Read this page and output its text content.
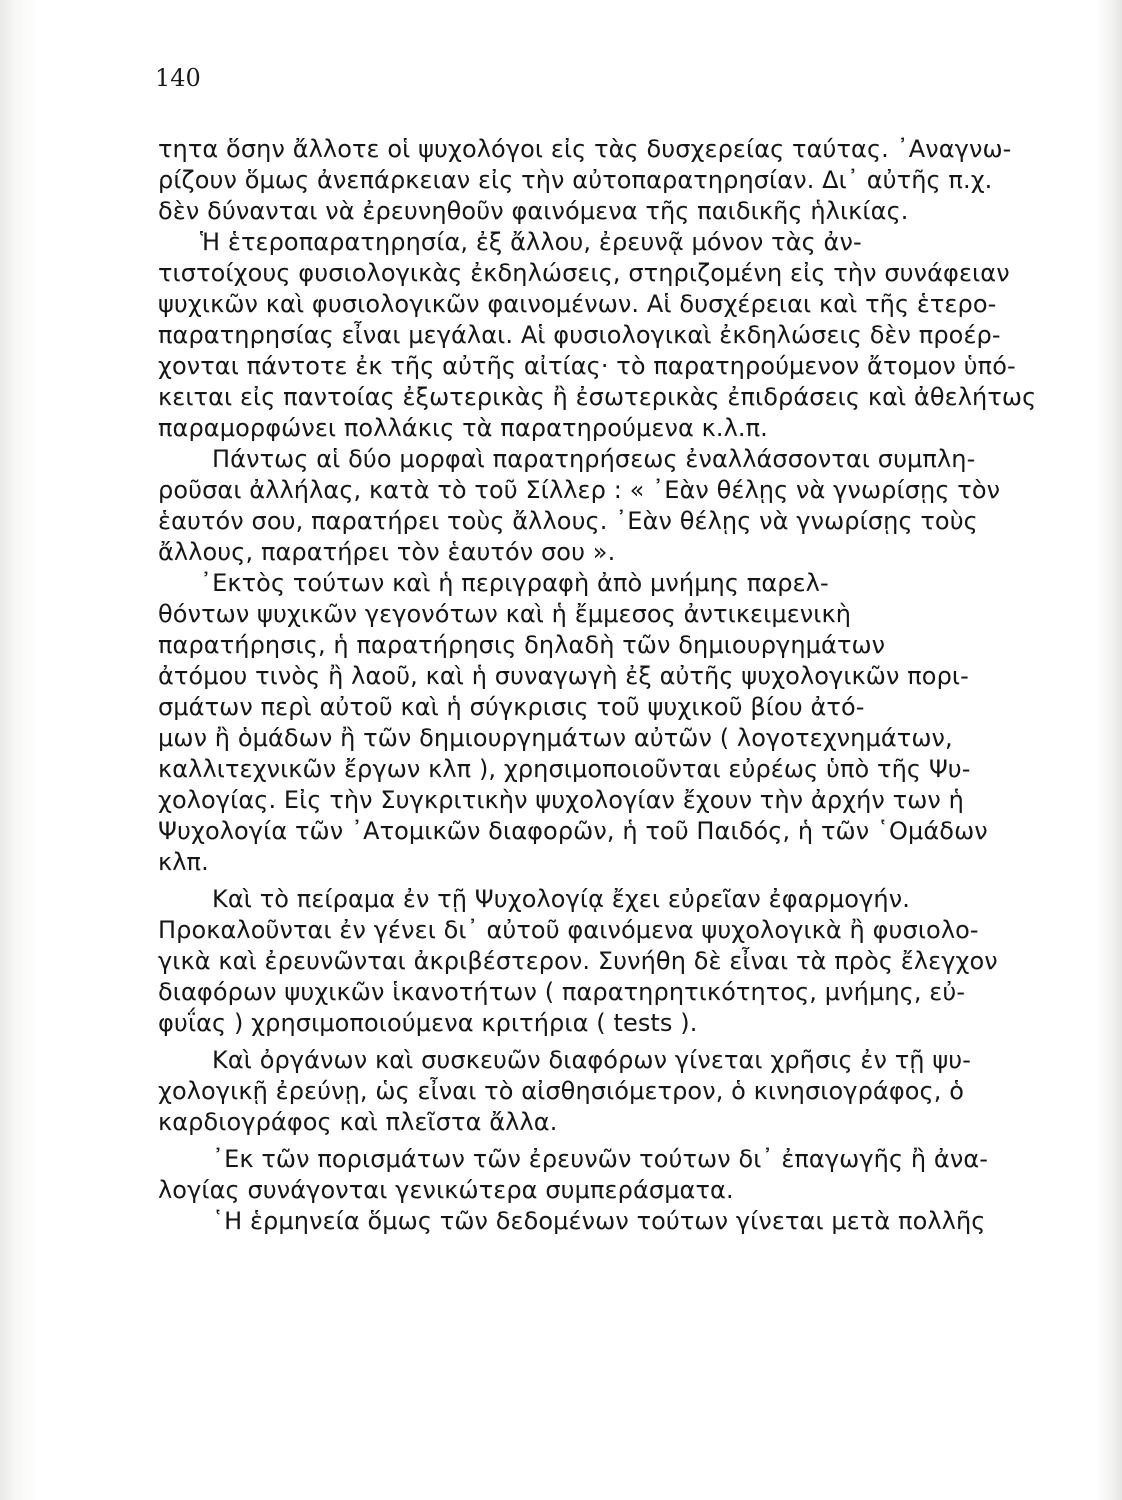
140
τητα ὅσην ἄλλοτε οἱ ψυχολόγοι εἰς τὰς δυσχερείας ταύτας. ᾿Αναγνω-
ρίζουν ὅμως ἀνεπάρκειαν εἰς τὴν αὐτοπαρατηρησίαν. Δι᾿ αὐτῆς π.χ.
δὲν δύνανται νὰ ἐρευνηθοῦν φαινόμενα τῆς παιδικῆς ἡλικίας.
Ἡ ἑτεροπαρατηρησία, ἐξ ἄλλου, ἐρευνᾷ μόνον τὰς ἀν-
τιστοίχους φυσιολογικὰς ἐκδηλώσεις, στηριζομένη εἰς τὴν συνάφειαν
ψυχικῶν καὶ φυσιολογικῶν φαινομένων. Αἱ δυσχέρειαι καὶ τῆς ἑτερο-
παρατηρησίας εἶναι μεγάλαι. Αἱ φυσιολογικαὶ ἐκδηλώσεις δὲν προέρ-
χονται πάντοτε ἐκ τῆς αὐτῆς αἰτίας· τὸ παρατηρούμενον ἄτομον ὑπό-
κειται εἰς παντοίας ἐξωτερικὰς ἢ ἐσωτερικὰς ἐπιδράσεις καὶ ἀθελήτως
παραμορφώνει πολλάκις τὰ παρατηρούμενα κ.λ.π.
Πάντως αἱ δύο μορφαὶ παρατηρήσεως ἐναλλάσσονται συμπλη-
ροῦσαι ἀλλήλας, κατὰ τὸ τοῦ Σίλλερ : « ᾿Εὰν θέλῃς νὰ γνωρίσῃς τὸν
ἑαυτόν σου, παρατήρει τοὺς ἄλλους. ᾿Εὰν θέλῃς νὰ γνωρίσῃς τοὺς
ἄλλους, παρατήρει τὸν ἑαυτόν σου ».
᾿Εκτὸς τούτων καὶ ἡ περιγραφὴ ἀπὸ μνήμης παρελ-
θόντων ψυχικῶν γεγονότων καὶ ἡ ἔμμεσος ἀντικειμενικὴ
παρατήρησις, ἡ παρατήρησις δηλαδὴ τῶν δημιουργημάτων
ἀτόμου τινὸς ἢ λαοῦ, καὶ ἡ συναγωγὴ ἐξ αὐτῆς ψυχολογικῶν πορι-
σμάτων περὶ αὐτοῦ καὶ ἡ σύγκρισις τοῦ ψυχικοῦ βίου ἀτό-
μων ἢ ὁμάδων ἢ τῶν δημιουργημάτων αὐτῶν ( λογοτεχνημάτων,
καλλιτεχνικῶν ἔργων κλπ ), χρησιμοποιοῦνται εὐρέως ὑπὸ τῆς Ψυ-
χολογίας. Εἰς τὴν Συγκριτικὴν ψυχολογίαν ἔχουν τὴν ἀρχήν των ἡ
Ψυχολογία τῶν ᾿Ατομικῶν διαφορῶν, ἡ τοῦ Παιδός, ἡ τῶν ῾Ομάδων
κλπ.
Καὶ τὸ πείραμα ἐν τῇ Ψυχολογίᾳ ἔχει εὐρεῖαν ἐφαρμογήν.
Προκαλοῦνται ἐν γένει δι᾿ αὐτοῦ φαινόμενα ψυχολογικὰ ἢ φυσιολο-
γικὰ καὶ ἐρευνῶνται ἀκριβέστερον. Συνήθη δὲ εἶναι τὰ πρὸς ἔλεγχον
διαφόρων ψυχικῶν ἱκανοτήτων ( παρατηρητικότητος, μνήμης, εὐ-
φυΐας ) χρησιμοποιούμενα κριτήρια ( tests ).
Καὶ ὀργάνων καὶ συσκευῶν διαφόρων γίνεται χρῆσις ἐν τῇ ψυ-
χολογικῇ ἐρεύνῃ, ὡς εἶναι τὸ αἰσθησιόμετρον, ὁ κινησιογράφος, ὁ
καρδιογράφος καὶ πλεῖστα ἄλλα.
᾿Εκ τῶν πορισμάτων τῶν ἐρευνῶν τούτων δι᾿ ἐπαγωγῆς ἢ ἀνα-
λογίας συνάγονται γενικώτερα συμπεράσματα.
῾Η ἑρμηνεία ὅμως τῶν δεδομένων τούτων γίνεται μετὰ πολλῆς
